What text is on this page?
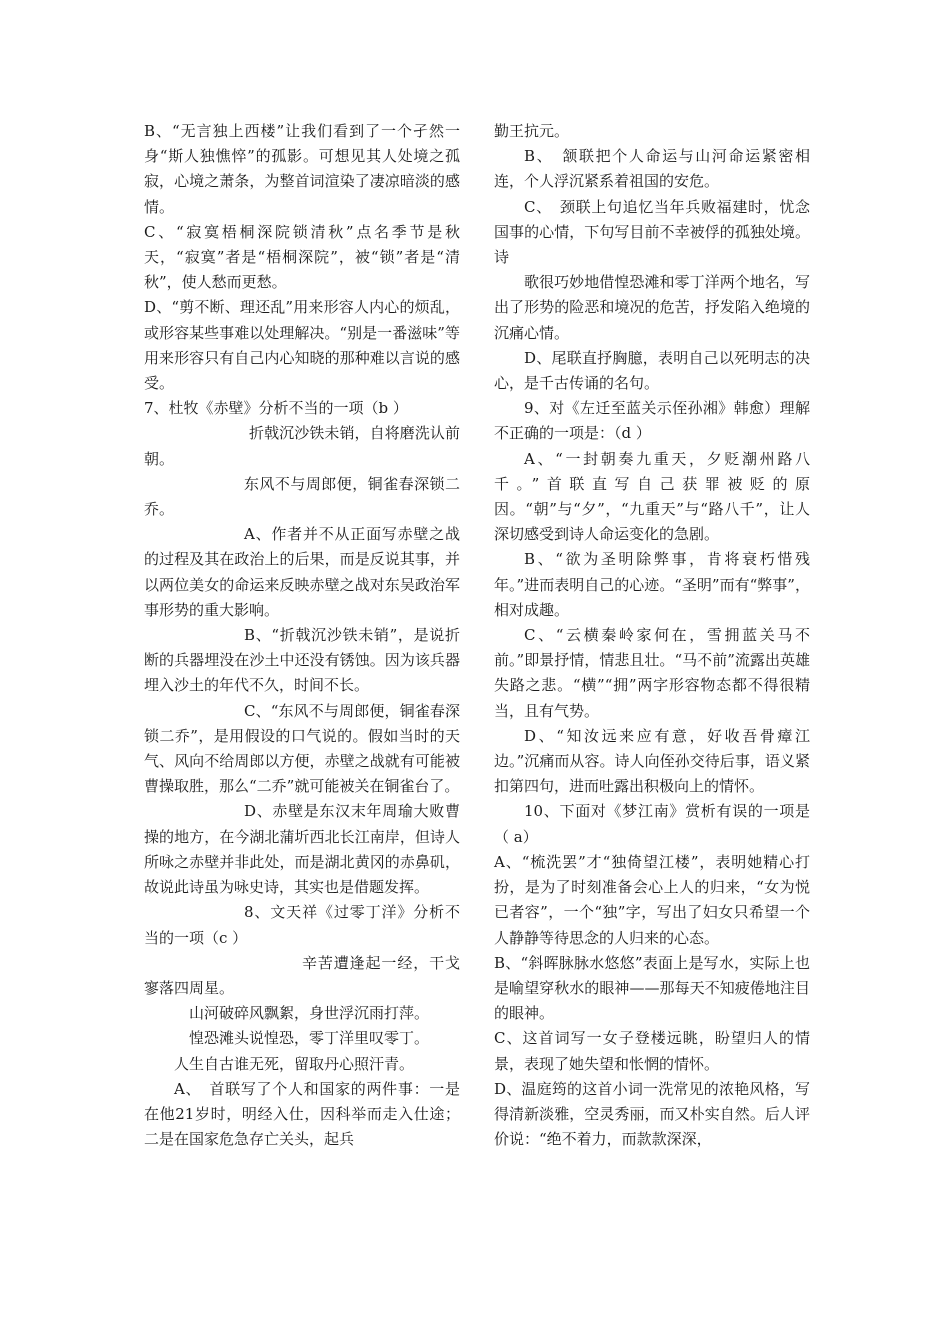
B、“无言独上西楼”让我们看到了一个孑然一身“斯人独憔悴”的孤影。可想见其人处境之孤寂，心境之萧条，为整首词渲染了凄凉暗淡的感情。

C、“寂寞梧桐深院锁清秋”点名季节是秋天，“寂寞”者是“梧桐深院”，被“锁”者是“清秋”，使人愁而更愁。

D、“剪不断、理还乱”用来形容人内心的烦乱，或形容某些事难以处理解决。“别是一番滋味”等用来形容只有自己内心知晓的那种难以言说的感受。

7、杜牧《赤壁》分析不当的一项（b ）

折戟沉沙铁未销，自将磨洗认前朝。

东风不与周郎便，铜雀春深锁二乔。

A、作者并不从正面写赤壁之战的过程及其在政治上的后果，而是反说其事，并以两位美女的命运来反映赤壁之战对东吴政治军事形势的重大影响。

B、“折戟沉沙铁未销”，是说折断的兵器埋没在沙土中还没有锈蚀。因为该兵器埋入沙土的年代不久，时间不长。

C、“东风不与周郎便，铜雀春深锁二乔”，是用假设的口气说的。假如当时的天气、风向不给周郎以方便，赤壁之战就有可能被曹操取胜，那么“二乔”就可能被关在铜雀台了。

D、赤壁是东汉末年周瑜大败曹操的地方，在今湖北蒲圻西北长江南岸，但诗人所咏之赤壁并非此处，而是湖北黄冈的赤鼻矶，故说此诗虽为咏史诗，其实也是借题发挥。

8、文天祥《过零丁洋》分析不当的一项（c ）

辛苦遭逢起一经，干戈寥落四周星。

山河破碎风飘絮，身世浮沉雨打萍。

惶恐滩头说惶恐，零丁洋里叹零丁。

人生自古谁无死，留取丹心照汗青。

A、　首联写了个人和国家的两件事：一是在他21岁时，明经入仕，因科举而走入仕途；二是在国家危急存亡关头，起兵

勤王抗元。

B、　颔联把个人命运与山河命运紧密相连，个人浮沉紧系着祖国的安危。

C、　颈联上句追忆当年兵败福建时，忧念国事的心情，下句写目前不幸被俘的孤独处境。诗

歌很巧妙地借惶恐滩和零丁洋两个地名，写出了形势的险恶和境况的危苦，抒发陷入绝境的沉痛心情。

D、尾联直抒胸臆，表明自己以死明志的决心，是千古传诵的名句。

9、对《左迁至蓝关示侄孙湘》韩愈）理解不正确的一项是：（d ）

A、“一封朝奏九重天，夕贬潮州路八千。”首联直写自己获罪被贬的原因。“朝”与“夕”，“九重天”与“路八千”，让人深切感受到诗人命运变化的急剧。

B、“欲为圣明除弊事，肯将衰朽惜残年。”进而表明自己的心迹。“圣明”而有“弊事”，相对成趣。

C、“云横秦岭家何在，雪拥蓝关马不前。”即景抒情，情悲且壮。“马不前”流露出英雄失路之悲。“横”“拥”两字形容物态都不得很精当，且有气势。

D、“知汝远来应有意，好收吾骨瘴江边。”沉痛而从容。诗人向侄孙交待后事，语义紧扣第四句，进而吐露出积极向上的情怀。

10、下面对《梦江南》赏析有误的一项是（ a）

A、“梳洗罢”才“独倚望江楼”，表明她精心打扮，是为了时刻准备会心上人的归来，“女为悦已者容”，一个“独”字，写出了妇女只希望一个人静静等待思念的人归来的心态。

B、“斜晖脉脉水悠悠”表面上是写水，实际上也是喻望穿秋水的眼神——那每天不知疲倦地注目的眼神。

C、这首词写一女子登楼远眺，盼望归人的情景，表现了她失望和怅惘的情怀。

D、温庭筠的这首小词一洗常见的浓艳风格，写得清新淡雅，空灵秀丽，而又朴实自然。后人评价说：“绝不着力，而款款深深，
